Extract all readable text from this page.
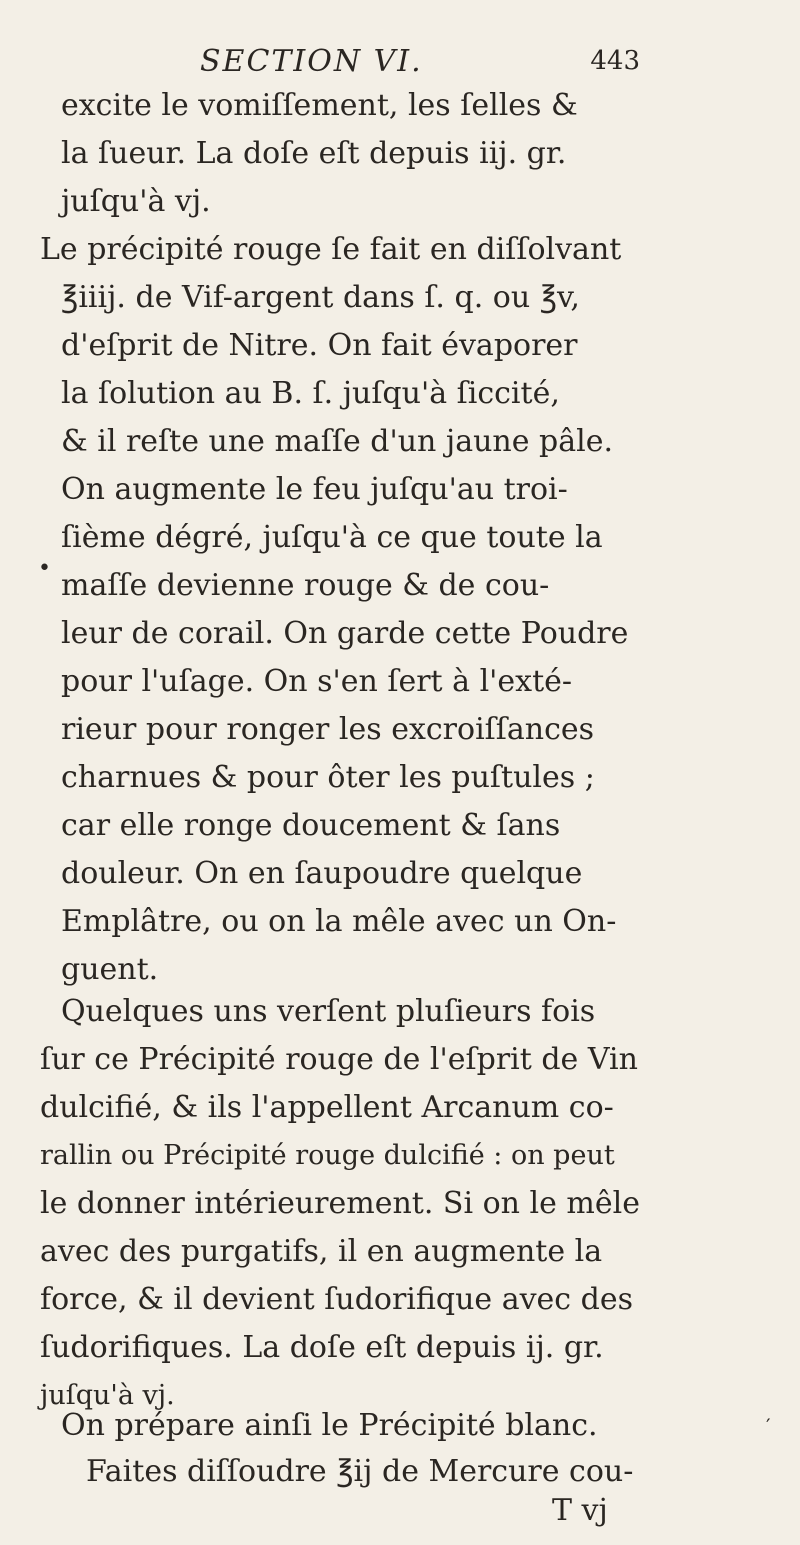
SECTION VI.	443
•
excite le vomiſſement, les ſelles &
la ſueur. La doſe eſt depuis iij. gr.
juſqu'à vj.
Le précipité rouge ſe fait en diſſolvant
℥iiij. de Vif-argent dans ſ. q. ou ℥v,
d'eſprit de Nitre. On fait évaporer
la ſolution au B. ſ. juſqu'à ſiccité,
& il reſte une maſſe d'un jaune pâle.
On augmente le feu juſqu'au troi-
ſième dégré, juſqu'à ce que toute la
maſſe devienne rouge & de cou-
leur de corail. On garde cette Poudre
pour l'uſage. On s'en ſert à l'exté-
rieur pour ronger les excroiſſances
charnues & pour ôter les puſtules ;
car elle ronge doucement & ſans
douleur. On en ſaupoudre quelque
Emplâtre, ou on la mêle avec un On-
guent.
Quelques uns verſent pluſieurs fois
ſur ce Précipité rouge de l'eſprit de Vin
dulcifié, & ils l'appellent Arcanum co-
rallin ou Précipité rouge dulcifié : on peut
le donner intérieurement. Si on le mêle
avec des purgatifs, il en augmente la
force, & il devient ſudorifique avec des
ſudorifiques. La doſe eſt depuis ij. gr.
juſqu'à vj.
On prépare ainſi le Précipité blanc.
Faites diſſoudre ℥ij de Mercure cou-
′
T vj
